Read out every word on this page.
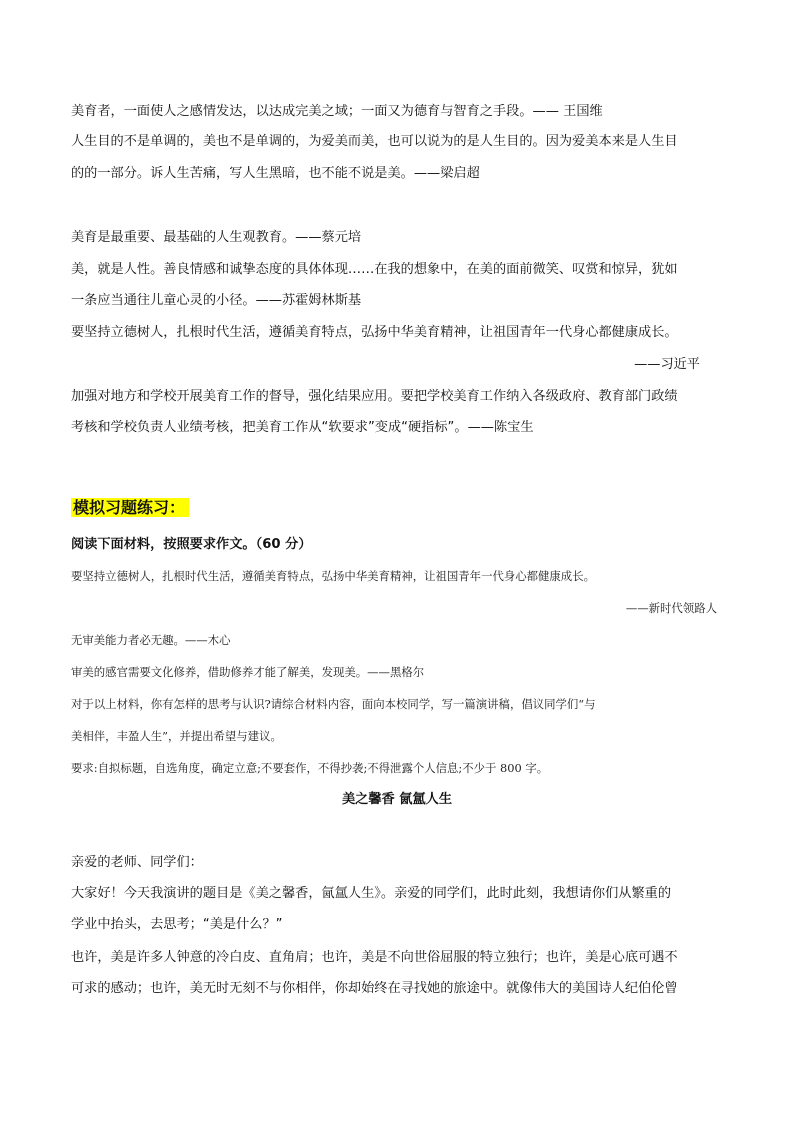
美育者，一面使人之感情发达，以达成完美之域；一面又为德育与智育之手段。—— 王国维
人生目的不是单调的，美也不是单调的，为爱美而美，也可以说为的是人生目的。因为爱美本来是人生目
的的一部分。诉人生苦痛，写人生黑暗，也不能不说是美。——梁启超
美育是最重要、最基础的人生观教育。——蔡元培
美，就是人性。善良情感和诚挚态度的具体体现……在我的想象中，在美的面前微笑、叹赏和惊异，犹如
一条应当通往儿童心灵的小径。——苏霍姆林斯基
要坚持立德树人，扎根时代生活，遵循美育特点，弘扬中华美育精神，让祖国青年一代身心都健康成长。
——习近平
加强对地方和学校开展美育工作的督导，强化结果应用。要把学校美育工作纳入各级政府、教育部门政绩
考核和学校负责人业绩考核，把美育工作从“软要求”变成“硬指标”。——陈宝生
模拟习题练习：
阅读下面材料，按照要求作文。（60 分）
要坚持立德树人，扎根时代生活，遵循美育特点，弘扬中华美育精神，让祖国青年一代身心都健康成长。
——新时代领路人
无审美能力者必无趣。——木心
审美的感官需要文化修养，借助修养才能了解美，发现美。——黑格尔
对于以上材料，你有怎样的思考与认识?请综合材料内容，面向本校同学，写一篇演讲稿，倡议同学们“与
美相伴，丰盈人生”，并提出希望与建议。
要求:自拟标题，自选角度，确定立意;不要套作，不得抄袭;不得泄露个人信息;不少于 800 字。
美之馨香 氤氲人生
亲爱的老师、同学们：
大家好！今天我演讲的题目是《美之馨香，氤氲人生》。亲爱的同学们，此时此刻，我想请你们从繁重的
学业中抬头，去思考；“美是什么？”
也许，美是许多人钟意的冷白皮、直角肩；也许，美是不向世俗屈服的特立独行；也许，美是心底可遇不
可求的感动；也许，美无时无刻不与你相伴，你却始终在寻找她的旅途中。就像伟大的美国诗人纪伯伦曾
